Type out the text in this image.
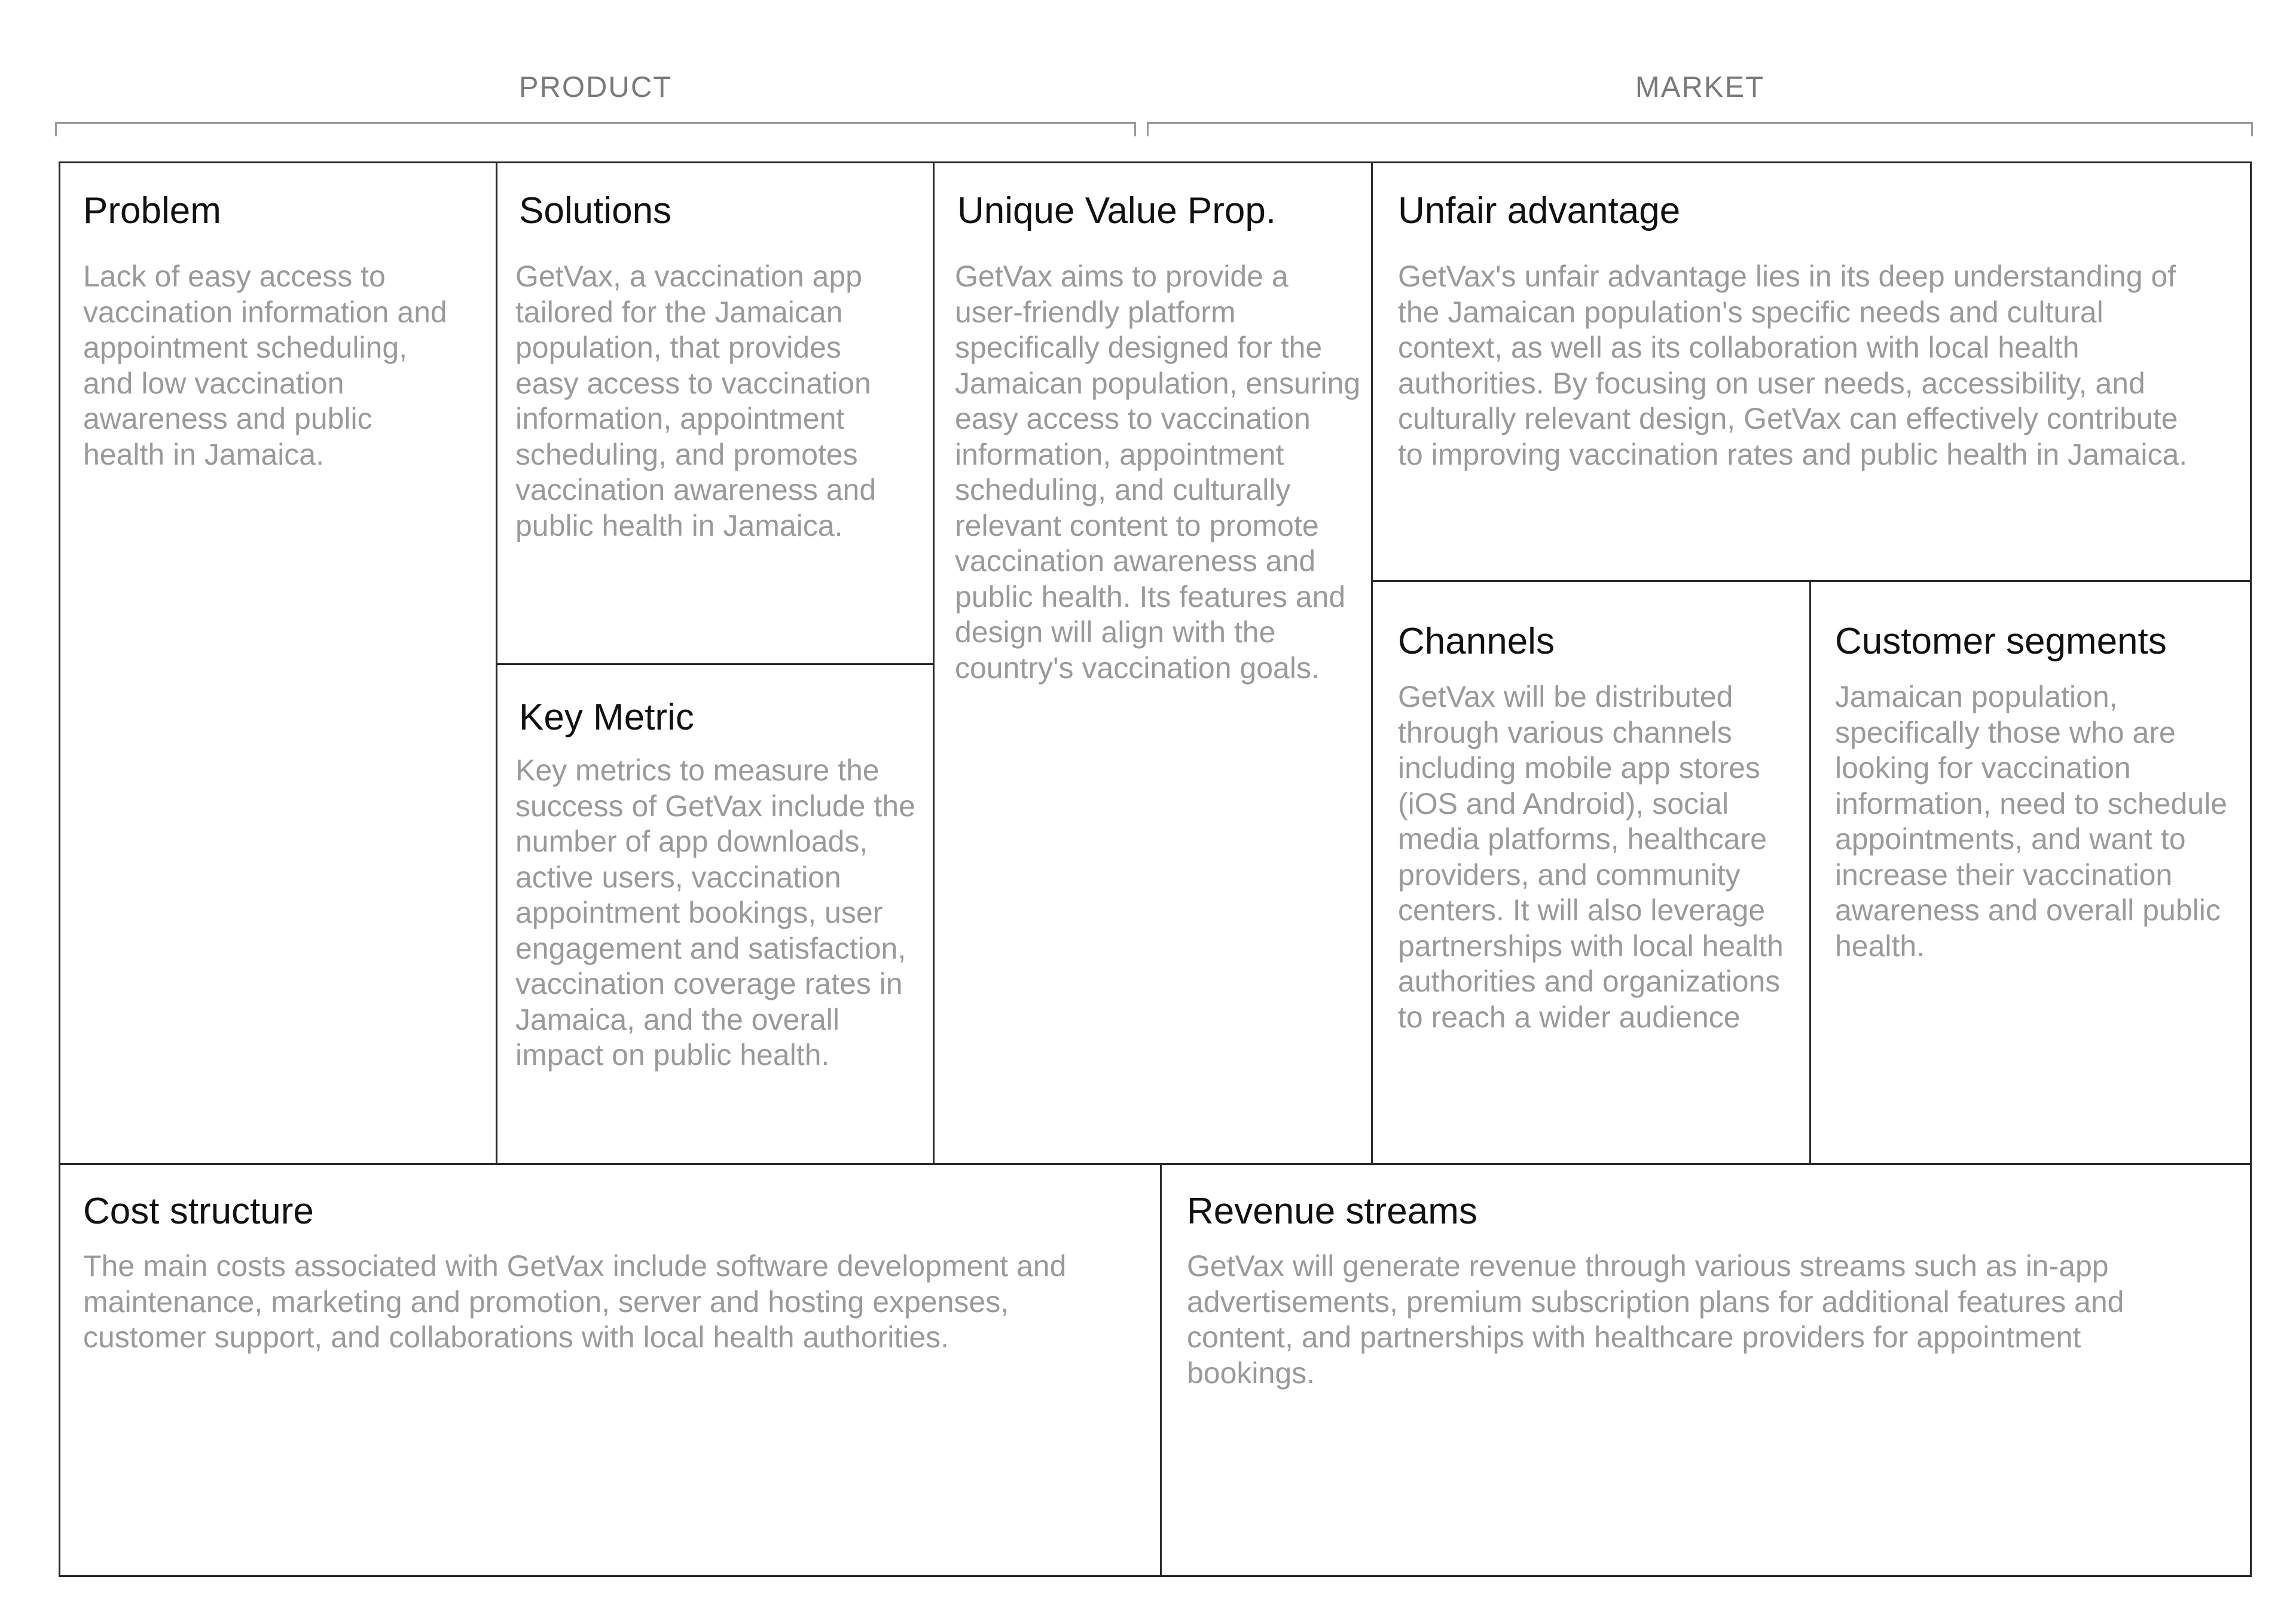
PRODUCT	MARKET
Problem
Lack of easy access to vaccination information and appointment scheduling, and low vaccination awareness and public health in Jamaica.
Solutions
GetVax, a vaccination app tailored for the Jamaican population, that provides easy access to vaccination information, appointment scheduling, and promotes vaccination awareness and public health in Jamaica.
Key Metric
Key metrics to measure the success of GetVax include the number of app downloads, active users, vaccination appointment bookings, user engagement and satisfaction, vaccination coverage rates in Jamaica, and the overall impact on public health.
Unique Value Prop.
GetVax aims to provide a user-friendly platform specifically designed for the Jamaican population, ensuring easy access to vaccination information, appointment scheduling, and culturally relevant content to promote vaccination awareness and public health. Its features and design will align with the country's vaccination goals.
Unfair advantage
GetVax's unfair advantage lies in its deep understanding of the Jamaican population's specific needs and cultural context, as well as its collaboration with local health authorities. By focusing on user needs, accessibility, and culturally relevant design, GetVax can effectively contribute to improving vaccination rates and public health in Jamaica.
Channels
GetVax will be distributed through various channels including mobile app stores (iOS and Android), social media platforms, healthcare providers, and community centers. It will also leverage partnerships with local health authorities and organizations to reach a wider audience
Customer segments
Jamaican population, specifically those who are looking for vaccination information, need to schedule appointments, and want to increase their vaccination awareness and overall public health.
Cost structure
The main costs associated with GetVax include software development and maintenance, marketing and promotion, server and hosting expenses, customer support, and collaborations with local health authorities.
Revenue streams
GetVax will generate revenue through various streams such as in-app advertisements, premium subscription plans for additional features and content, and partnerships with healthcare providers for appointment bookings.
